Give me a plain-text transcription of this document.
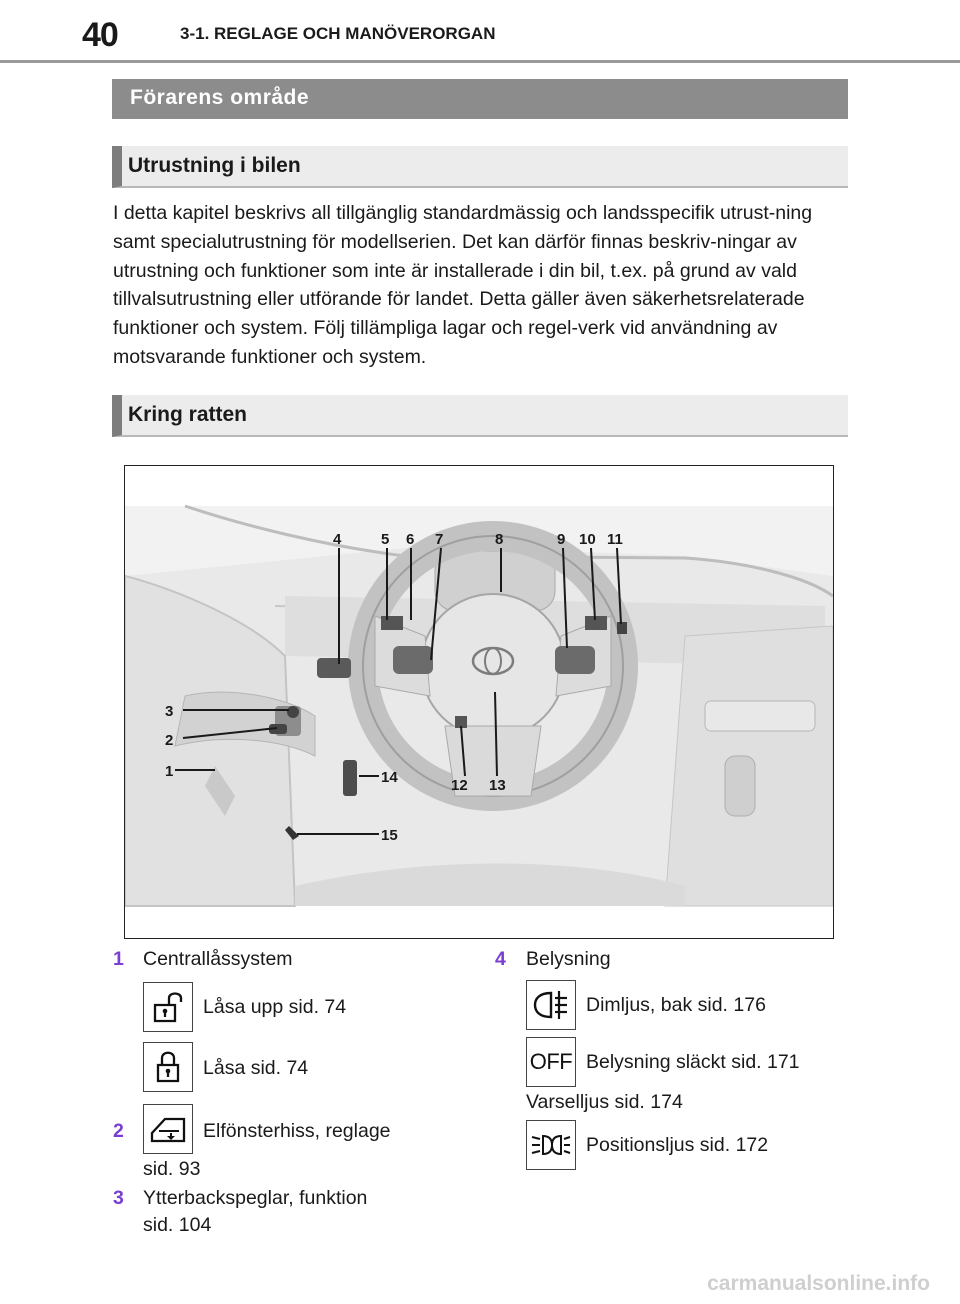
40	3-1. REGLAGE OCH MANÖVERORGAN
Förarens område
Utrustning i bilen

I detta kapitel beskrivs all tillgänglig standardmässig och landsspecifik utrust-ning samt specialutrustning för modellserien. Det kan därför finnas beskriv-ningar av utrustning och funktioner som inte är installerade i din bil, t.ex. på grund av vald tillvalsutrustning eller utförande för landet. Detta gäller även säkerhetsrelaterade funktioner och system. Följ tillämpliga lagar och regel-verk vid användning av motsvarande funktioner och system.

Kring ratten
4	5 6 7	8	9 10 11
3
2
1	14
15
12 13
1 Centrallåssystem
Låsa upp sid. 74
Låsa sid. 74
2	Elfönsterhiss, reglage
sid. 93
3 Ytterbackspeglar, funktion
sid. 104
4 Belysning
Dimljus, bak sid. 176
OFF Belysning släckt sid. 171
Varselljus sid. 174
Positionsljus sid. 172
carmanualsonline.info
